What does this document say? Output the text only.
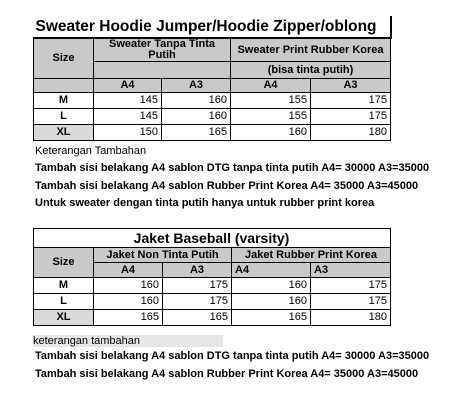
Sweater Hoodie Jumper/Hoodie Zipper/oblong				
Size	Sweater Tanpa Tinta Putih		Sweater Print Rubber Korea	
			(bisa tinta putih)	
	A4	A3	A4	A3
M	145	160	155	175
L	145	160	155	175
XL	150	165	160	180
Keterangan Tambahan
Tambah sisi belakang A4 sablon DTG tanpa tinta putih A4= 30000 A3=35000
Tambah sisi belakang A4 sablon Rubber Print Korea A4= 35000 A3=45000
Untuk sweater dengan tinta putih hanya untuk rubber print korea
Jaket Baseball (varsity)				
Size	Jaket Non Tinta Putih		Jaket Rubber Print Korea	
	A4	A3	A4	A3
M	160	175	160	175
L	160	175	160	175
XL	165	165	165	180
keterangan tambahan
Tambah sisi belakang A4 sablon DTG tanpa tinta putih A4= 30000 A3=35000
Tambah sisi belakang A4 sablon Rubber Print Korea A4= 35000 A3=45000
